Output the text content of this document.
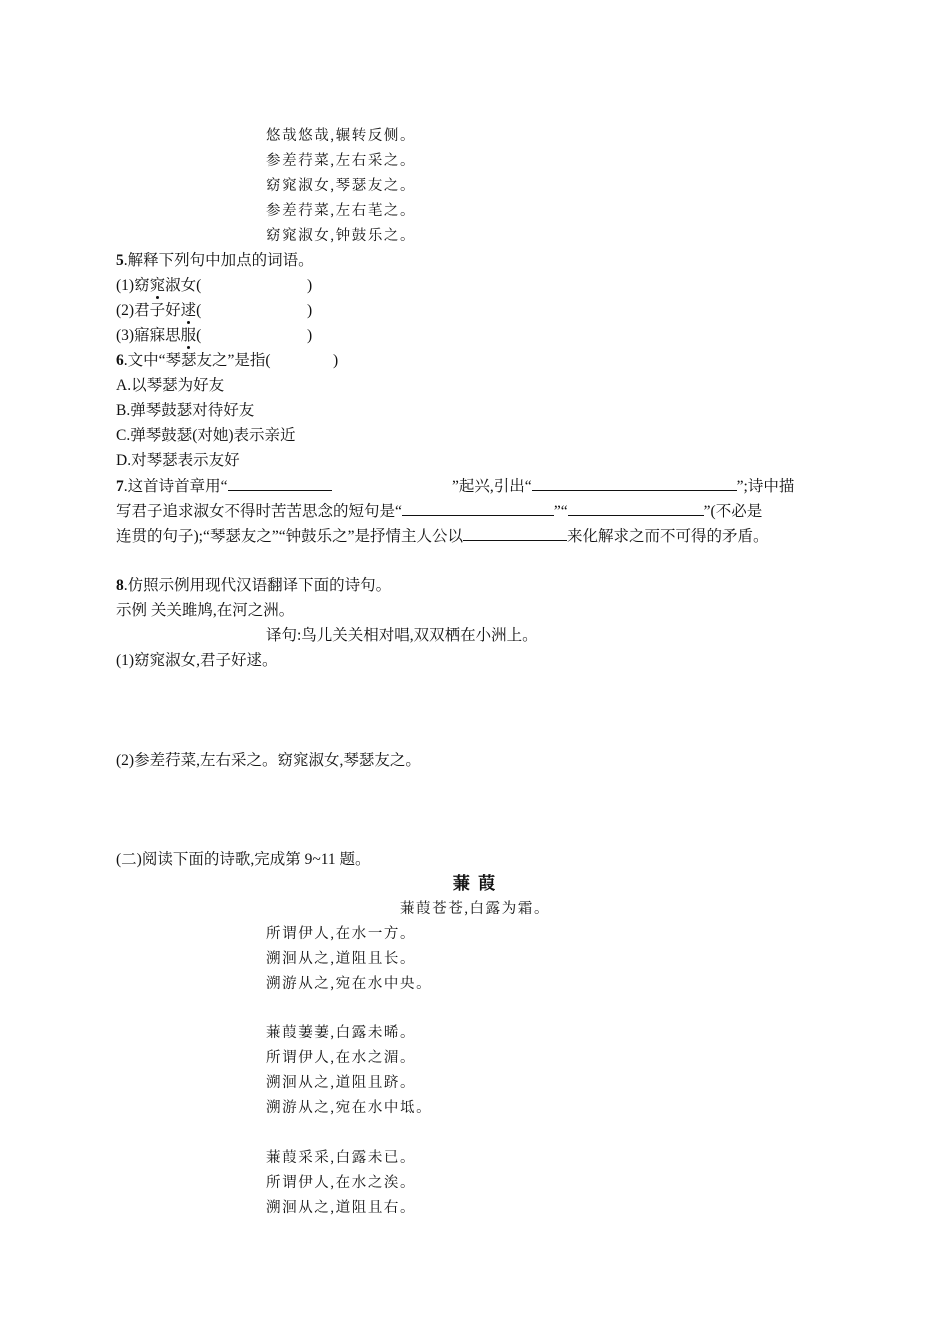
悠哉悠哉,辗转反侧。
参差荇菜,左右采之。
窈窕淑女,琴瑟友之。
参差荇菜,左右芼之。
窈窕淑女,钟鼓乐之。
5.解释下列句中加点的词语。
(1)窈窕淑女(	)
(2)君子好逑(	)
(3)寤寐思服(	)
6.文中“琴瑟友之”是指(	)
A.以琴瑟为好友
B.弹琴鼓瑟对待好友
C.弹琴鼓瑟(对她)表示亲近
D.对琴瑟表示友好
7.这首诗首章用“	”起兴,引出“	”;诗中描
写君子追求淑女不得时苦苦思念的短句是“	”“	”(不必是
连贯的句子);“琴瑟友之”“钟鼓乐之”是抒情主人公以	来化解求之而不可得的矛盾。
8.仿照示例用现代汉语翻译下面的诗句。
示例 关关雎鸠,在河之洲。
译句:鸟儿关关相对唱,双双栖在小洲上。
(1)窈窕淑女,君子好逑。
(2)参差荇菜,左右采之。窈窕淑女,琴瑟友之。
(二)阅读下面的诗歌,完成第 9~11 题。
蒹 葭
蒹葭苍苍,白露为霜。
所谓伊人,在水一方。
溯洄从之,道阻且长。
溯游从之,宛在水中央。
蒹葭萋萋,白露未晞。
所谓伊人,在水之湄。
溯洄从之,道阻且跻。
溯游从之,宛在水中坻。
蒹葭采采,白露未已。
所谓伊人,在水之涘。
溯洄从之,道阻且右。
